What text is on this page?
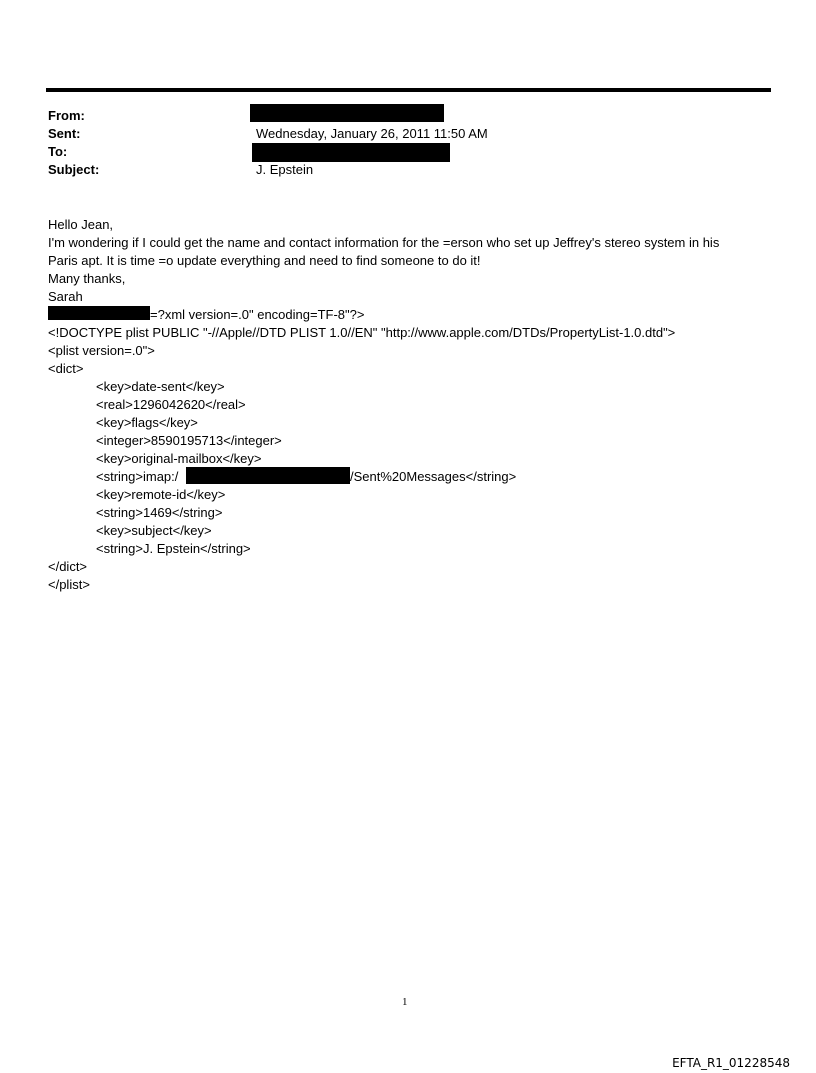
From:
Sent:	Wednesday, January 26, 2011 11:50 AM
To:
Subject:	J. Epstein
Hello Jean,
I'm wondering if I could get the name and contact information for the =erson who set up Jeffrey's stereo system in his
Paris apt. It is time =o update everything and need to find someone to do it!
Many thanks,
Sarah
=?xml version=.0" encoding=TF-8"?>
<!DOCTYPE plist PUBLIC "-//Apple//DTD PLIST 1.0//EN" "http://www.apple.com/DTDs/PropertyList-1.0.dtd">
<plist version=.0">
<dict>
<key>date-sent</key>
<real>1296042620</real>
<key>flags</key>
<integer>8590195713</integer>
<key>original-mailbox</key>
<string>imap:/	/Sent%20Messages</string>
<key>remote-id</key>
<string>1469</string>
<key>subject</key>
<string>J. Epstein</string>
</dict>
</plist>
1
EFTA_R1_01228548
